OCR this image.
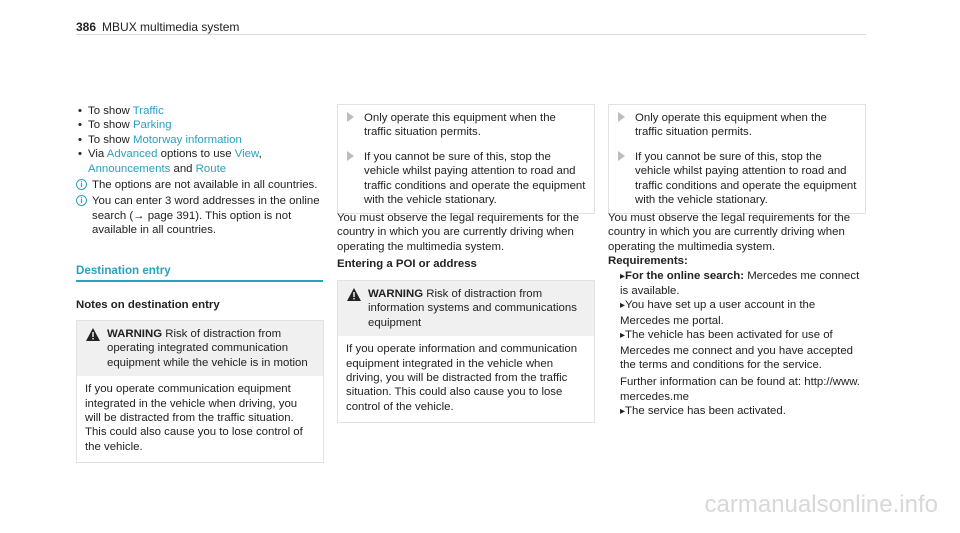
386 MBUX multimedia system
• To show Traffic
• To show Parking
• To show Motorway information
• Via Advanced options to use View,
Announcements and Route
i The options are not available in all countries.
i You can enter 3 word addresses in the online search (→ page 391). This option is not available in all countries.
Destination entry
Notes on destination entry
WARNING Risk of distraction from operating integrated communication equipment while the vehicle is in motion
If you operate communication equipment integrated in the vehicle when driving, you will be distracted from the traffic situation. This could also cause you to lose control of the vehicle.
Only operate this equipment when the traffic situation permits.
If you cannot be sure of this, stop the vehicle whilst paying attention to road and traffic conditions and operate the equipment with the vehicle stationary.
You must observe the legal requirements for the country in which you are currently driving when operating the multimedia system.
Entering a POI or address
WARNING Risk of distraction from information systems and communications equipment
If you operate information and communication equipment integrated in the vehicle when driving, you will be distracted from the traffic situation. This could also cause you to lose control of the vehicle.
Only operate this equipment when the traffic situation permits.
If you cannot be sure of this, stop the vehicle whilst paying attention to road and traffic conditions and operate the equipment with the vehicle stationary.
You must observe the legal requirements for the country in which you are currently driving when operating the multimedia system.
Requirements:
▸ For the online search: Mercedes me connect is available.
▸ You have set up a user account in the Mercedes me portal.
▸ The vehicle has been activated for use of Mercedes me connect and you have accepted the terms and conditions for the service.
Further information can be found at: http://www.mercedes.me
▸ The service has been activated.
carmanualsonline.info
